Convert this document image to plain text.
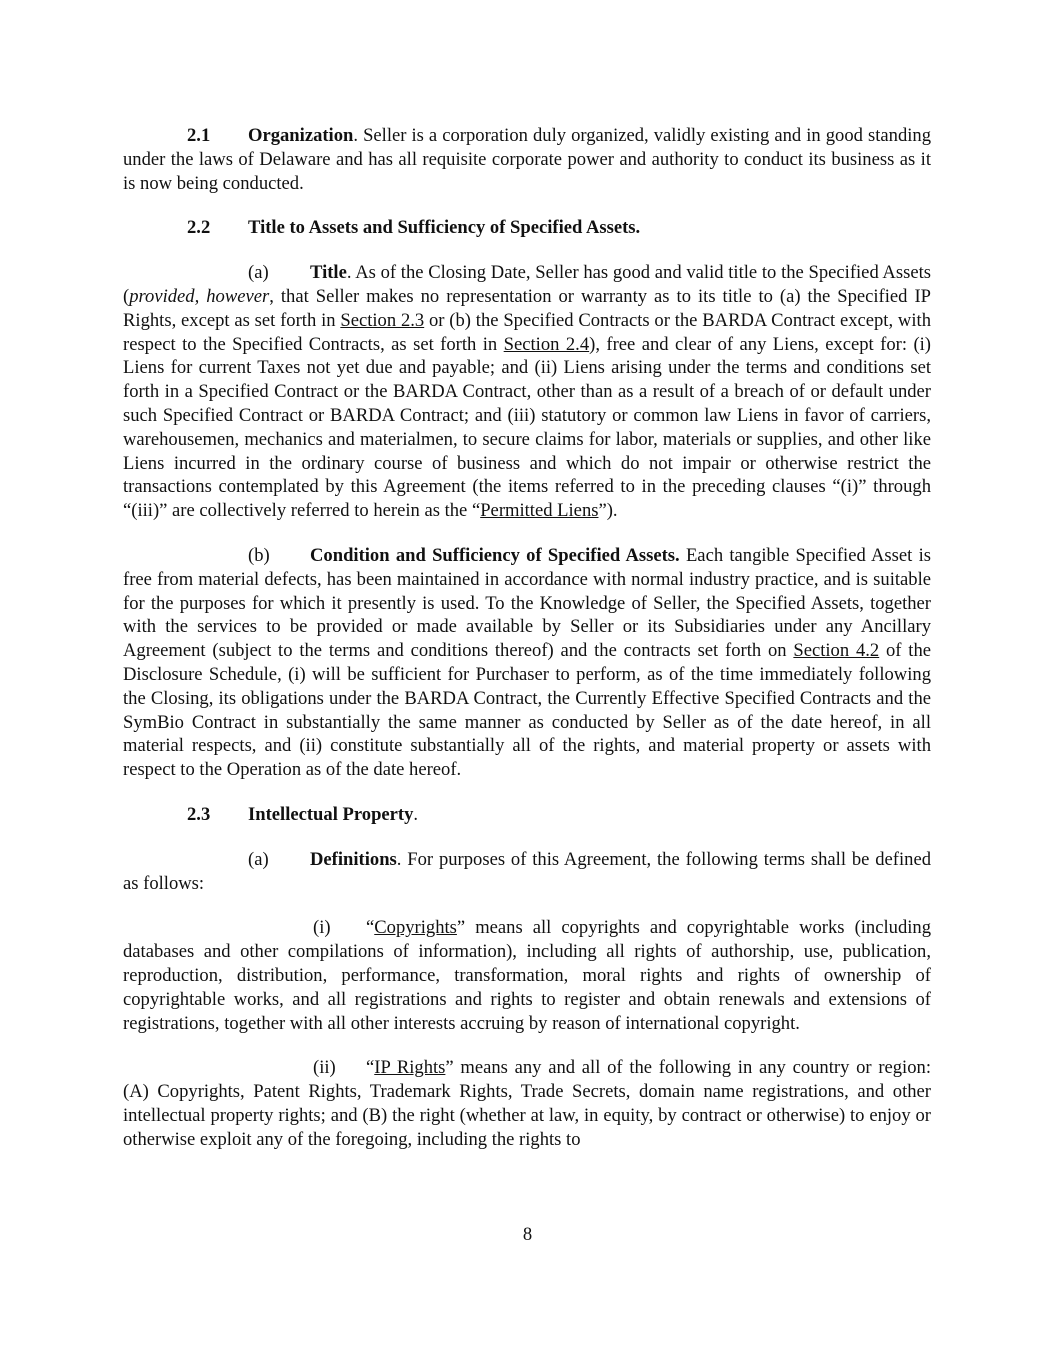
2.1 Organization. Seller is a corporation duly organized, validly existing and in good standing under the laws of Delaware and has all requisite corporate power and authority to conduct its business as it is now being conducted.

2.2 Title to Assets and Sufficiency of Specified Assets.

(a) Title. As of the Closing Date, Seller has good and valid title to the Specified Assets (provided, however, that Seller makes no representation or warranty as to its title to (a) the Specified IP Rights, except as set forth in Section 2.3 or (b) the Specified Contracts or the BARDA Contract except, with respect to the Specified Contracts, as set forth in Section 2.4), free and clear of any Liens, except for: (i) Liens for current Taxes not yet due and payable; and (ii) Liens arising under the terms and conditions set forth in a Specified Contract or the BARDA Contract, other than as a result of a breach of or default under such Specified Contract or BARDA Contract; and (iii) statutory or common law Liens in favor of carriers, warehousemen, mechanics and materialmen, to secure claims for labor, materials or supplies, and other like Liens incurred in the ordinary course of business and which do not impair or otherwise restrict the transactions contemplated by this Agreement (the items referred to in the preceding clauses “(i)” through “(iii)” are collectively referred to herein as the “Permitted Liens”).

(b) Condition and Sufficiency of Specified Assets. Each tangible Specified Asset is free from material defects, has been maintained in accordance with normal industry practice, and is suitable for the purposes for which it presently is used. To the Knowledge of Seller, the Specified Assets, together with the services to be provided or made available by Seller or its Subsidiaries under any Ancillary Agreement (subject to the terms and conditions thereof) and the contracts set forth on Section 4.2 of the Disclosure Schedule, (i) will be sufficient for Purchaser to perform, as of the time immediately following the Closing, its obligations under the BARDA Contract, the Currently Effective Specified Contracts and the SymBio Contract in substantially the same manner as conducted by Seller as of the date hereof, in all material respects, and (ii) constitute substantially all of the rights, and material property or assets with respect to the Operation as of the date hereof.

2.3 Intellectual Property.

(a) Definitions. For purposes of this Agreement, the following terms shall be defined as follows:

(i) “Copyrights” means all copyrights and copyrightable works (including databases and other compilations of information), including all rights of authorship, use, publication, reproduction, distribution, performance, transformation, moral rights and rights of ownership of copyrightable works, and all registrations and rights to register and obtain renewals and extensions of registrations, together with all other interests accruing by reason of international copyright.

(ii) “IP Rights” means any and all of the following in any country or region: (A) Copyrights, Patent Rights, Trademark Rights, Trade Secrets, domain name registrations, and other intellectual property rights; and (B) the right (whether at law, in equity, by contract or otherwise) to enjoy or otherwise exploit any of the foregoing, including the rights to

8
